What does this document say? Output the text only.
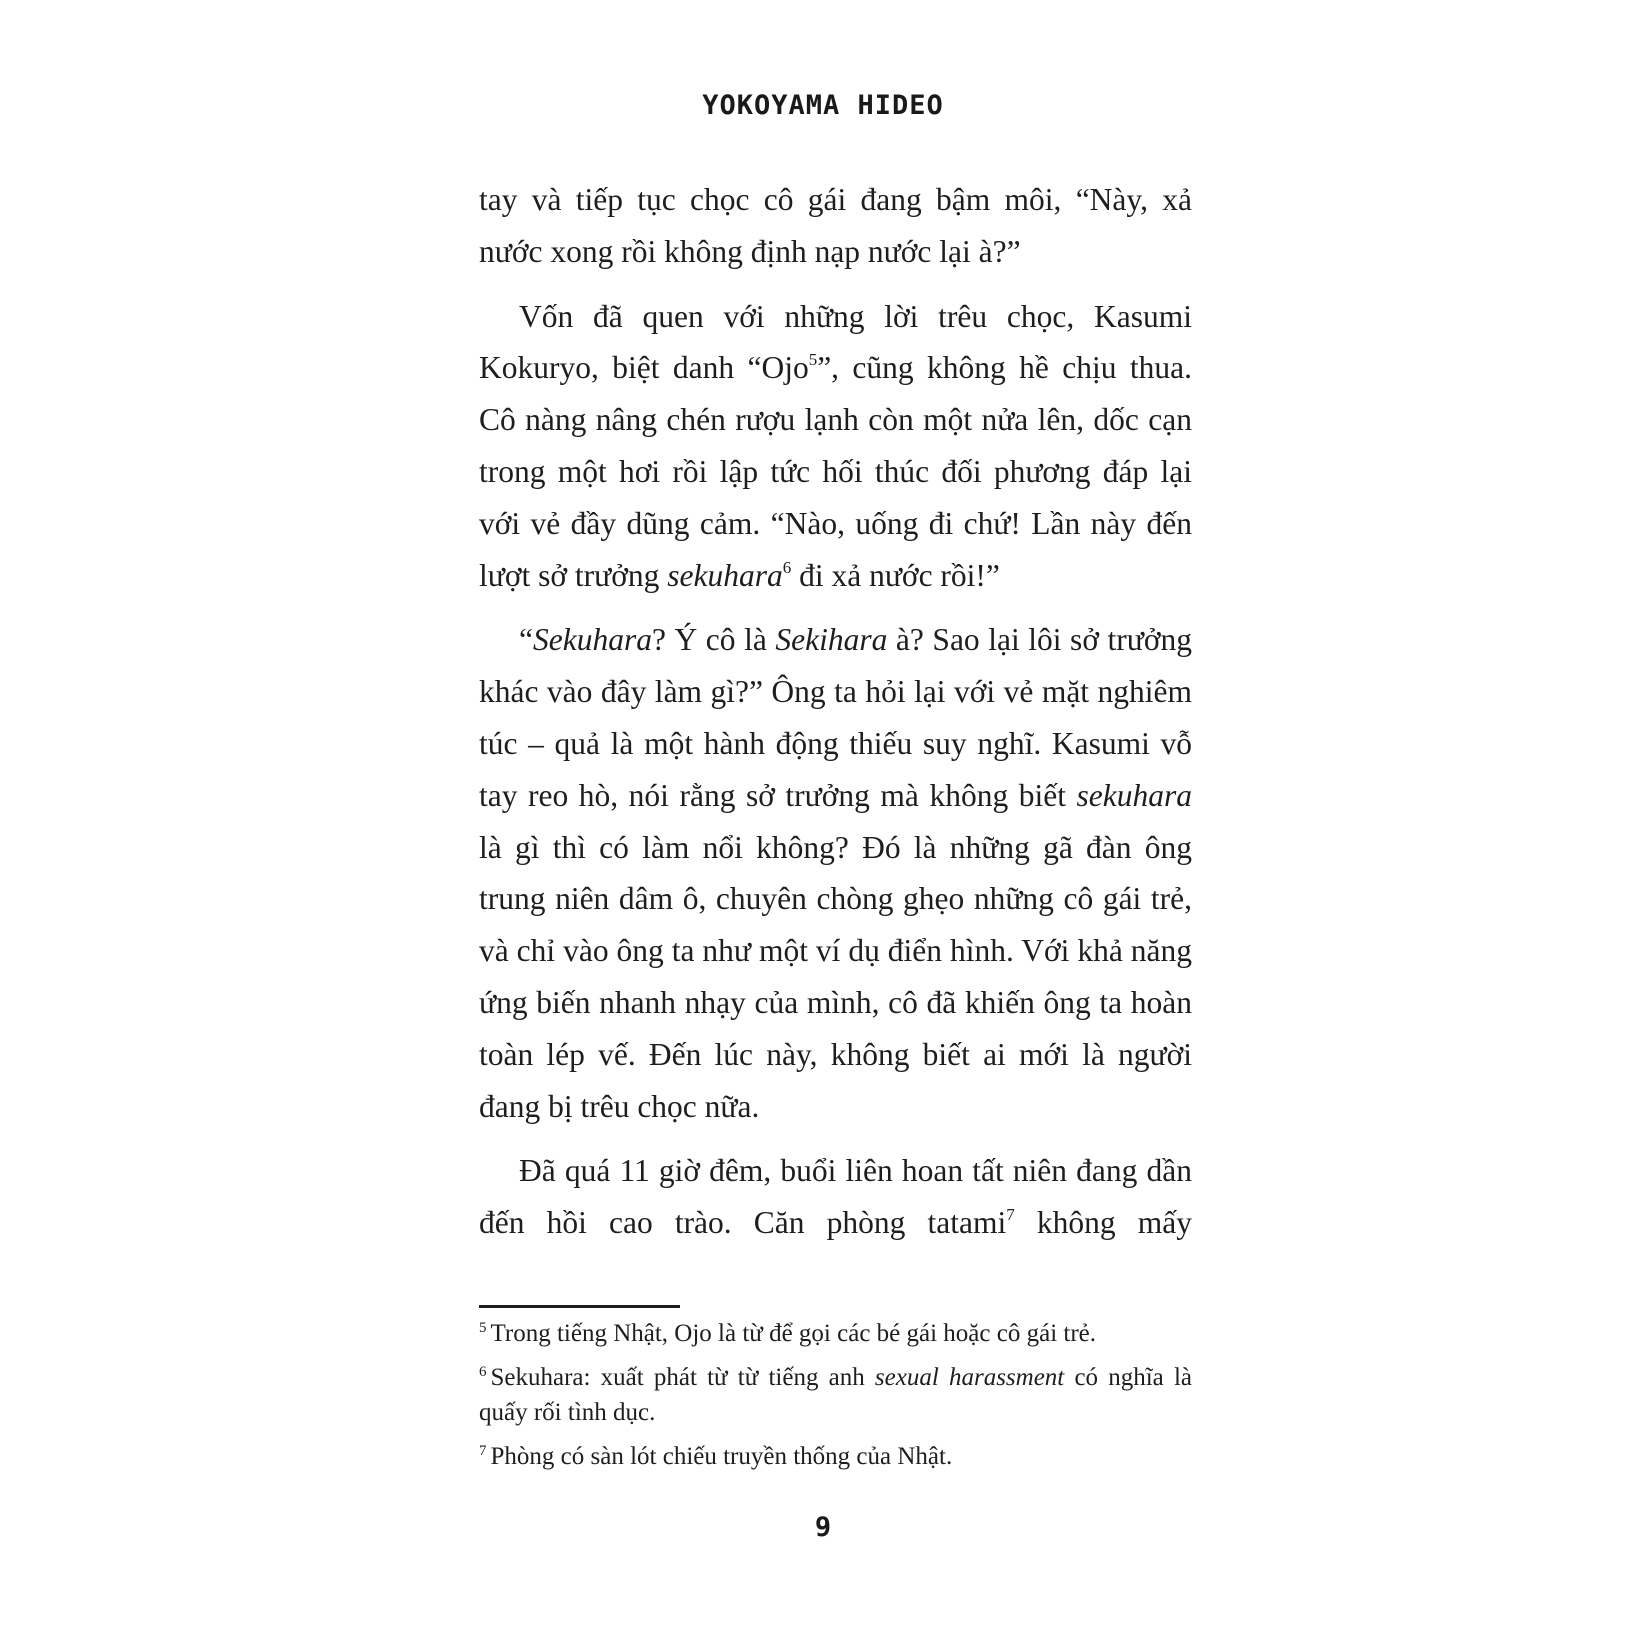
YOKOYAMA HIDEO

tay và tiếp tục chọc cô gái đang bậm môi, “Này, xả nước xong rồi không định nạp nước lại à?”

Vốn đã quen với những lời trêu chọc, Kasumi Kokuryo, biệt danh “Ojo$^5$”, cũng không hề chịu thua. Cô nàng nâng chén rượu lạnh còn một nửa lên, dốc cạn trong một hơi rồi lập tức hối thúc đối phương đáp lại với vẻ đầy dũng cảm. “Nào, uống đi chứ! Lần này đến lượt sở trưởng sekuhara$^6$ đi xả nước rồi!”

“Sekuhara? Ý cô là Sekihara à? Sao lại lôi sở trưởng khác vào đây làm gì?” Ông ta hỏi lại với vẻ mặt nghiêm túc – quả là một hành động thiếu suy nghĩ. Kasumi vỗ tay reo hò, nói rằng sở trưởng mà không biết sekuhara là gì thì có làm nổi không? Đó là những gã đàn ông trung niên dâm ô, chuyên chòng ghẹo những cô gái trẻ, và chỉ vào ông ta như một ví dụ điển hình. Với khả năng ứng biến nhanh nhạy của mình, cô đã khiến ông ta hoàn toàn lép vế. Đến lúc này, không biết ai mới là người đang bị trêu chọc nữa.

Đã quá 11 giờ đêm, buổi liên hoan tất niên đang dần đến hồi cao trào. Căn phòng tatami$^7$ không mấy

$^5$ Trong tiếng Nhật, Ojo là từ để gọi các bé gái hoặc cô gái trẻ.

$^6$ Sekuhara: xuất phát từ từ tiếng anh sexual harassment có nghĩa là quấy rối tình dục.

$^7$ Phòng có sàn lót chiếu truyền thống của Nhật.

9
